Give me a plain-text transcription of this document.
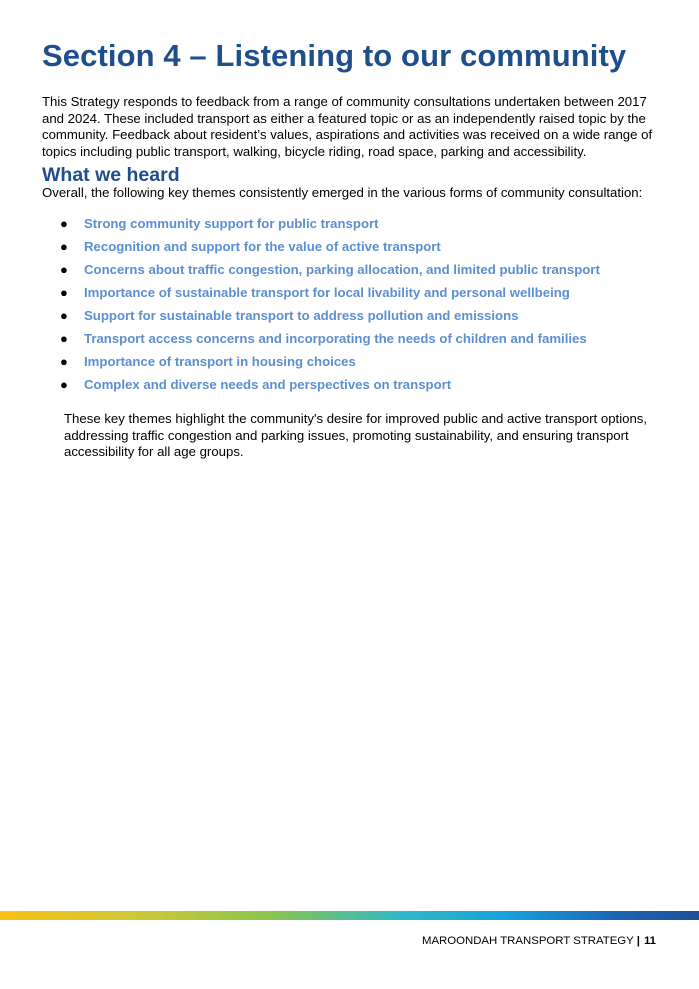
Section 4 – Listening to our community

This Strategy responds to feedback from a range of community consultations undertaken between 2017 and 2024. These included transport as either a featured topic or as an independently raised topic by the community. Feedback about resident’s values, aspirations and activities was received on a wide range of topics including public transport, walking, bicycle riding, road space, parking and accessibility.

What we heard

Overall, the following key themes consistently emerged in the various forms of community consultation:

● Strong community support for public transport
● Recognition and support for the value of active transport
● Concerns about traffic congestion, parking allocation, and limited public transport
● Importance of sustainable transport for local livability and personal wellbeing
● Support for sustainable transport to address pollution and emissions
● Transport access concerns and incorporating the needs of children and families
● Importance of transport in housing choices
● Complex and diverse needs and perspectives on transport

These key themes highlight the community's desire for improved public and active transport options, addressing traffic congestion and parking issues, promoting sustainability, and ensuring transport accessibility for all age groups.

MAROONDAH TRANSPORT STRATEGY | 11
